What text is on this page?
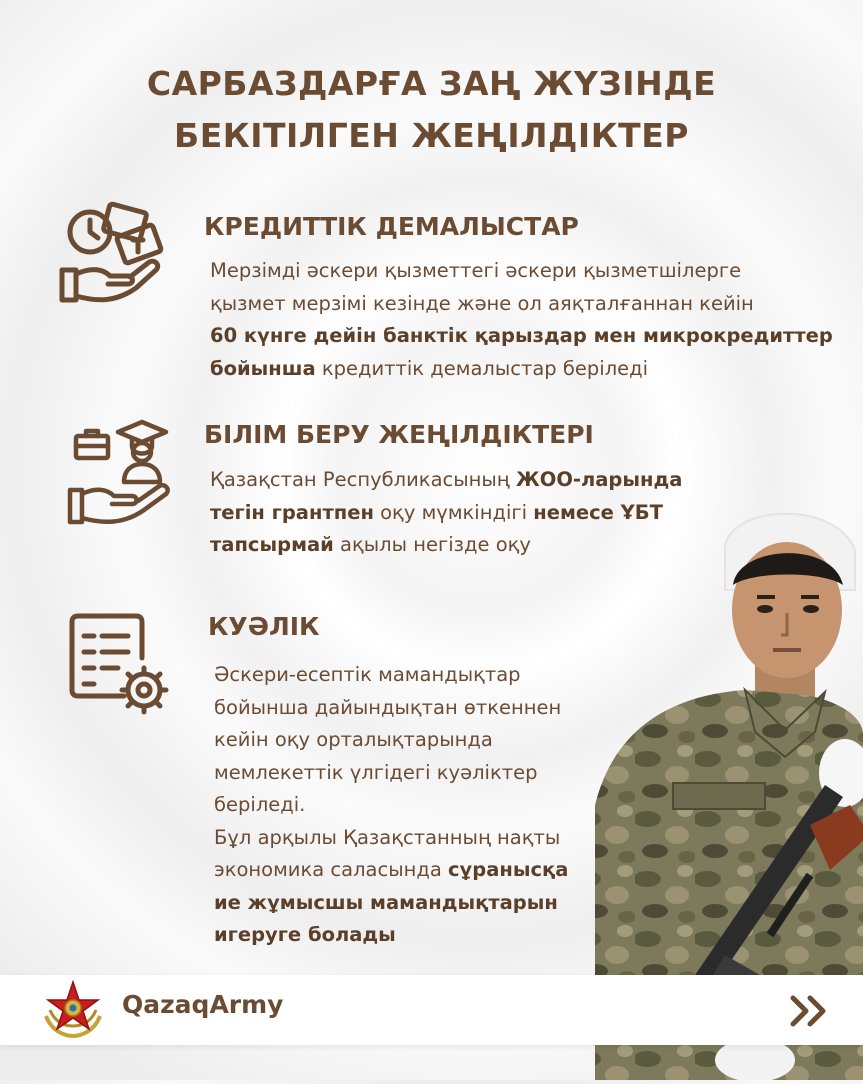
САРБАЗДАРҒА ЗАҢ ЖҮЗІНДЕ
БЕКІТІЛГЕН ЖЕҢІЛДІКТЕР
КРЕДИТТІК ДЕМАЛЫСТАР
Мерзімді әскери қызметтегі әскери қызметшілерге
қызмет мерзімі кезінде және ол аяқталғаннан кейін
60 күнге дейін банктік қарыздар мен микрокредиттер
бойынша кредиттік демалыстар беріледі
БІЛІМ БЕРУ ЖЕҢІЛДІКТЕРІ
Қазақстан Республикасының ЖОО-ларында
тегін грантпен оқу мүмкіндігі немесе ҰБТ
тапсырмай ақылы негізде оқу
КУӘЛІК
Әскери-есептік мамандықтар
бойынша дайындықтан өткеннен
кейін оқу орталықтарында
мемлекеттік үлгідегі куәліктер
беріледі.
Бұл арқылы Қазақстанның нақты
экономика саласында сұранысқа
ие жұмысшы мамандықтарын
игеруге болады
QazaqArmy
